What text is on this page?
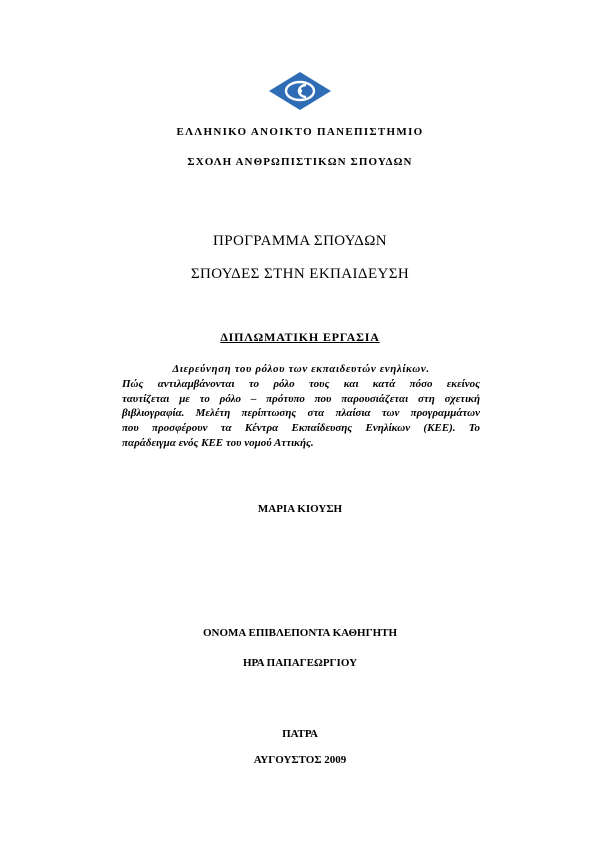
ΕΛΛΗΝΙΚΟ ΑΝΟΙΚΤΟ ΠΑΝΕΠΙΣΤΗΜΙΟ
ΣΧΟΛΗ ΑΝΘΡΩΠΙΣΤΙΚΩΝ ΣΠΟΥΔΩΝ
ΠΡΟΓΡΑΜΜΑ ΣΠΟΥΔΩΝ
ΣΠΟΥΔΕΣ ΣΤΗΝ ΕΚΠΑΙΔΕΥΣΗ
ΔΙΠΛΩΜΑΤΙΚΗ ΕΡΓΑΣΙΑ
Διερεύνηση του ρόλου των εκπαιδευτών ενηλίκων.
Πώς αντιλαμβάνονται το ρόλο τους και κατά πόσο εκείνος
ταυτίζεται με το ρόλο – πρότυπο που παρουσιάζεται στη σχετική
βιβλιογραφία. Μελέτη περίπτωσης στα πλαίσια των προγραμμάτων
που προσφέρουν τα Κέντρα Εκπαίδευσης Ενηλίκων (ΚΕΕ). Το
παράδειγμα ενός ΚΕΕ του νομού Αττικής.
ΜΑΡΙΑ ΚΙΟΥΣΗ
ΟΝΟΜΑ ΕΠΙΒΛΕΠΟΝΤΑ ΚΑΘΗΓΗΤΗ
ΗΡΑ ΠΑΠΑΓΕΩΡΓΙΟΥ
ΠΑΤΡΑ
ΑΥΓΟΥΣΤΟΣ 2009
